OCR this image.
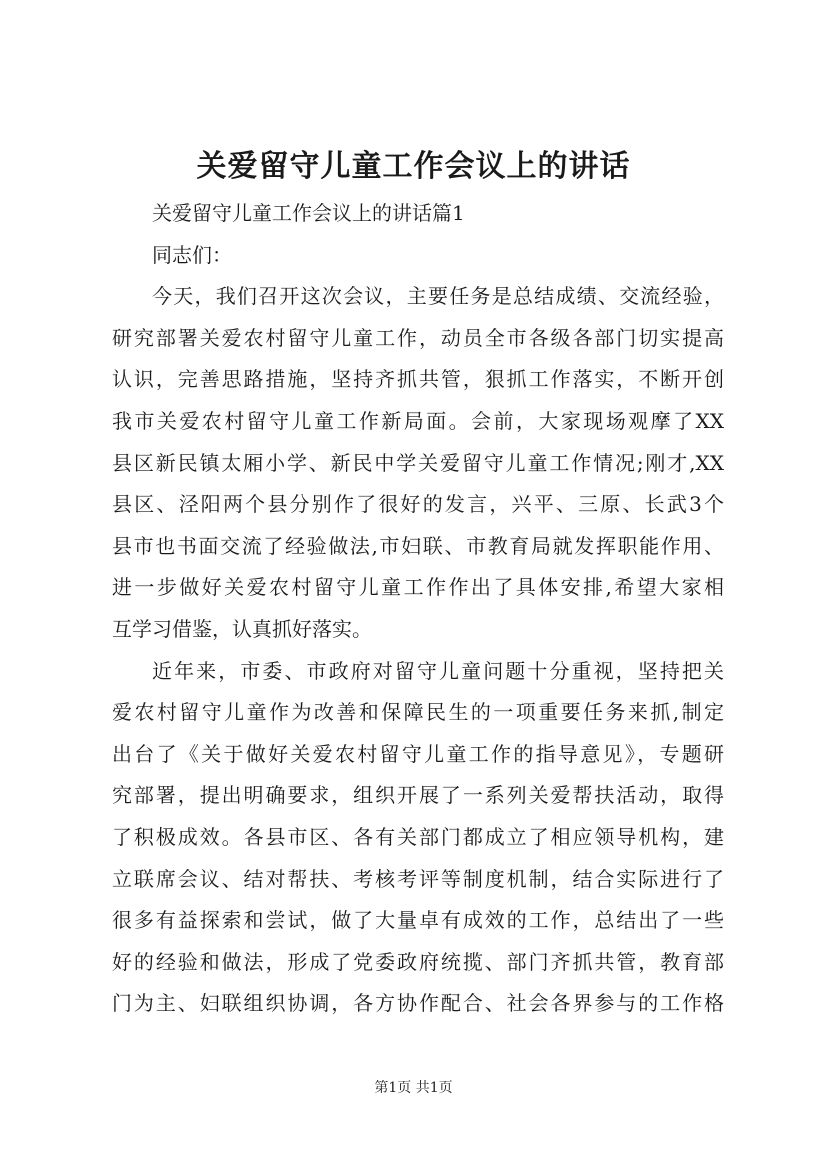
关爱留守儿童工作会议上的讲话
关爱留守儿童工作会议上的讲话篇1
同志们：
今天，我们召开这次会议，主要任务是总结成绩、交流经验，
研究部署关爱农村留守儿童工作，动员全市各级各部门切实提高
认识，完善思路措施，坚持齐抓共管，狠抓工作落实，不断开创
我市关爱农村留守儿童工作新局面。会前，大家现场观摩了XX
县区新民镇太厢小学、新民中学关爱留守儿童工作情况;刚才,XX
县区、泾阳两个县分别作了很好的发言，兴平、三原、长武3个
县市也书面交流了经验做法,市妇联、市教育局就发挥职能作用、
进一步做好关爱农村留守儿童工作作出了具体安排,希望大家相
互学习借鉴，认真抓好落实。
近年来，市委、市政府对留守儿童问题十分重视，坚持把关
爱农村留守儿童作为改善和保障民生的一项重要任务来抓,制定
出台了《关于做好关爱农村留守儿童工作的指导意见》，专题研
究部署，提出明确要求，组织开展了一系列关爱帮扶活动，取得
了积极成效。各县市区、各有关部门都成立了相应领导机构，建
立联席会议、结对帮扶、考核考评等制度机制，结合实际进行了
很多有益探索和尝试，做了大量卓有成效的工作，总结出了一些
好的经验和做法，形成了党委政府统揽、部门齐抓共管，教育部
门为主、妇联组织协调，各方协作配合、社会各界参与的工作格
第1页 共1页
